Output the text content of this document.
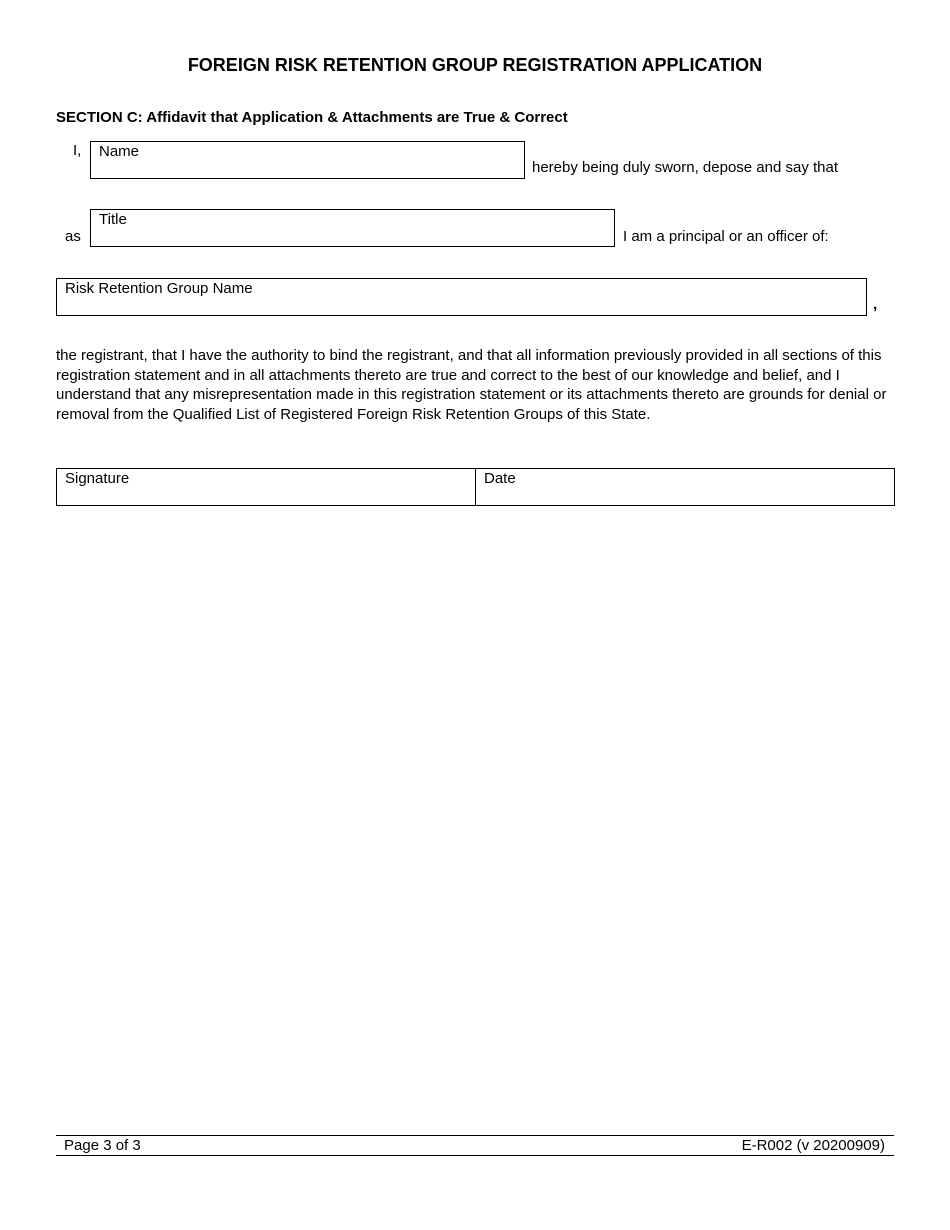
FOREIGN RISK RETENTION GROUP REGISTRATION APPLICATION
SECTION C: Affidavit that Application & Attachments are True & Correct
I, Name
hereby being duly sworn, depose and say that
as
Title
I am a principal or an officer of:
Risk Retention Group Name
,
the registrant, that I have the authority to bind the registrant, and that all information previously provided in all sections of this registration statement and in all attachments thereto are true and correct to the best of our knowledge and belief, and I understand that any misrepresentation made in this registration statement or its attachments thereto are grounds for denial or removal from the Qualified List of Registered Foreign Risk Retention Groups of this State.
Signature	Date
Page 3 of 3	E-R002 (v 20200909)
